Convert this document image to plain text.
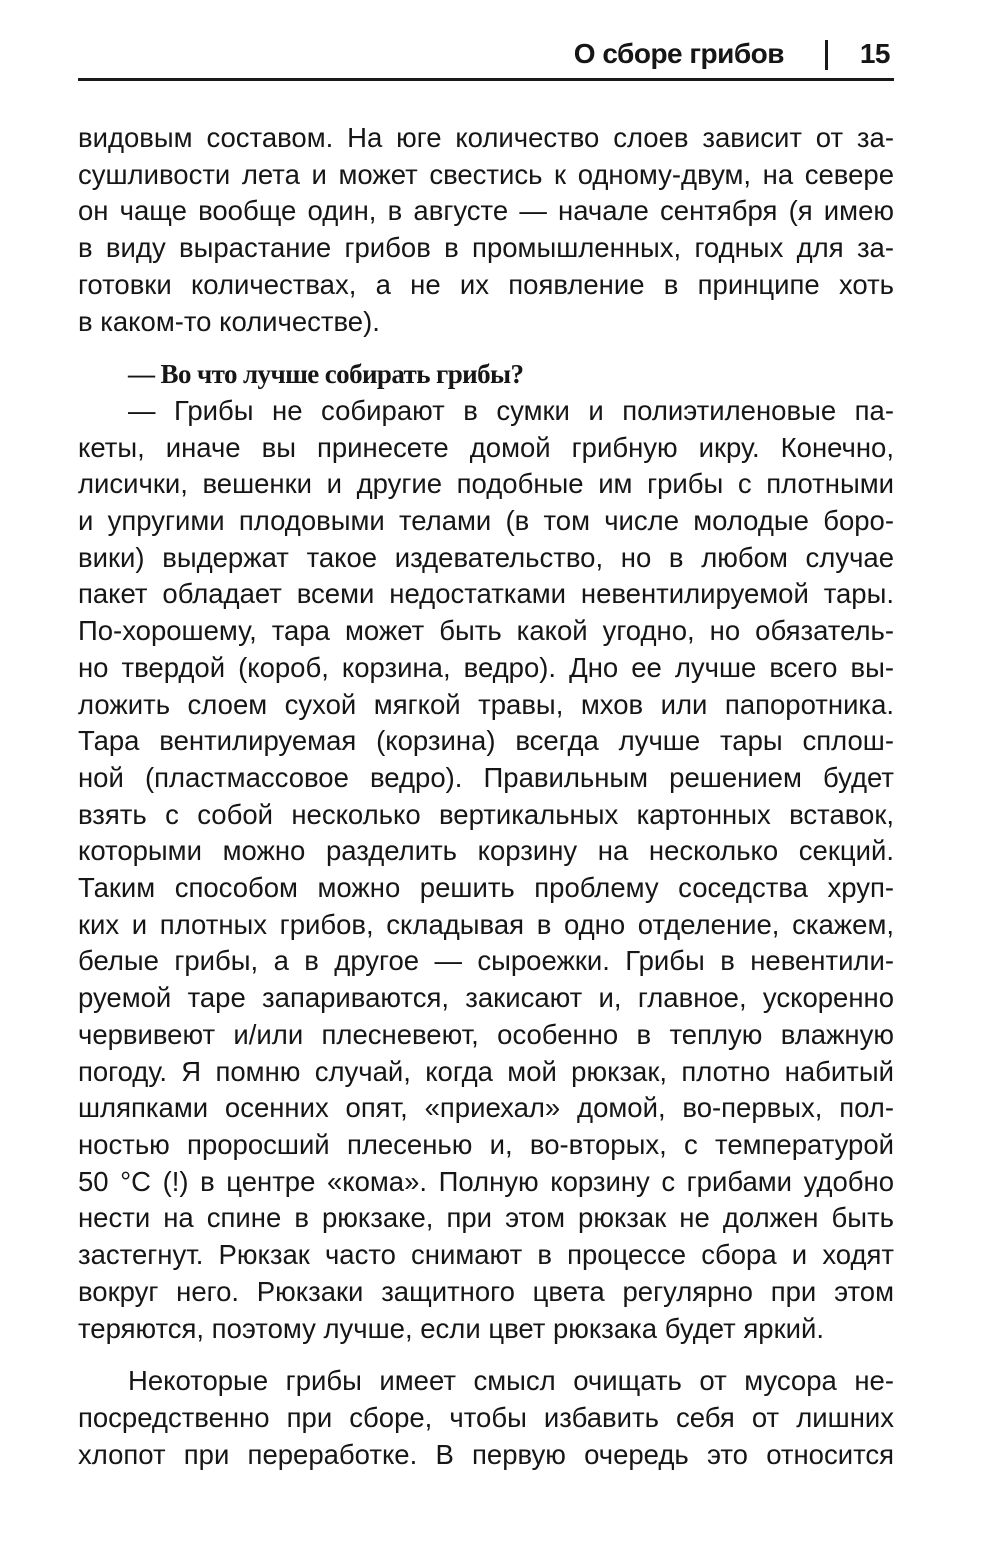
О сборе грибов	15
видовым составом. На юге количество слоев зависит от за-
сушливости лета и может свестись к одному-двум, на севере
он чаще вообще один, в августе — начале сентября (я имею
в виду вырастание грибов в промышленных, годных для за-
готовки количествах, а не их появление в принципе хоть
в каком-то количестве).
— Во что лучше собирать грибы?
— Грибы не собирают в сумки и полиэтиленовые па-
кеты, иначе вы принесете домой грибную икру. Конечно,
лисички, вешенки и другие подобные им грибы с плотными
и упругими плодовыми телами (в том числе молодые боро-
вики) выдержат такое издевательство, но в любом случае
пакет обладает всеми недостатками невентилируемой тары.
По-хорошему, тара может быть какой угодно, но обязатель-
но твердой (короб, корзина, ведро). Дно ее лучше всего вы-
ложить слоем сухой мягкой травы, мхов или папоротника.
Тара вентилируемая (корзина) всегда лучше тары сплош-
ной (пластмассовое ведро). Правильным решением будет
взять с собой несколько вертикальных картонных вставок,
которыми можно разделить корзину на несколько секций.
Таким способом можно решить проблему соседства хруп-
ких и плотных грибов, складывая в одно отделение, скажем,
белые грибы, а в другое — сыроежки. Грибы в невентили-
руемой таре запариваются, закисают и, главное, ускоренно
червивеют и/или плесневеют, особенно в теплую влажную
погоду. Я помню случай, когда мой рюкзак, плотно набитый
шляпками осенних опят, «приехал» домой, во-первых, пол-
ностью проросший плесенью и, во-вторых, с температурой
50 °С (!) в центре «кома». Полную корзину с грибами удобно
нести на спине в рюкзаке, при этом рюкзак не должен быть
застегнут. Рюкзак часто снимают в процессе сбора и ходят
вокруг него. Рюкзаки защитного цвета регулярно при этом
теряются, поэтому лучше, если цвет рюкзака будет яркий.
Некоторые грибы имеет смысл очищать от мусора не-
посредственно при сборе, чтобы избавить себя от лишних
хлопот при переработке. В первую очередь это относится
